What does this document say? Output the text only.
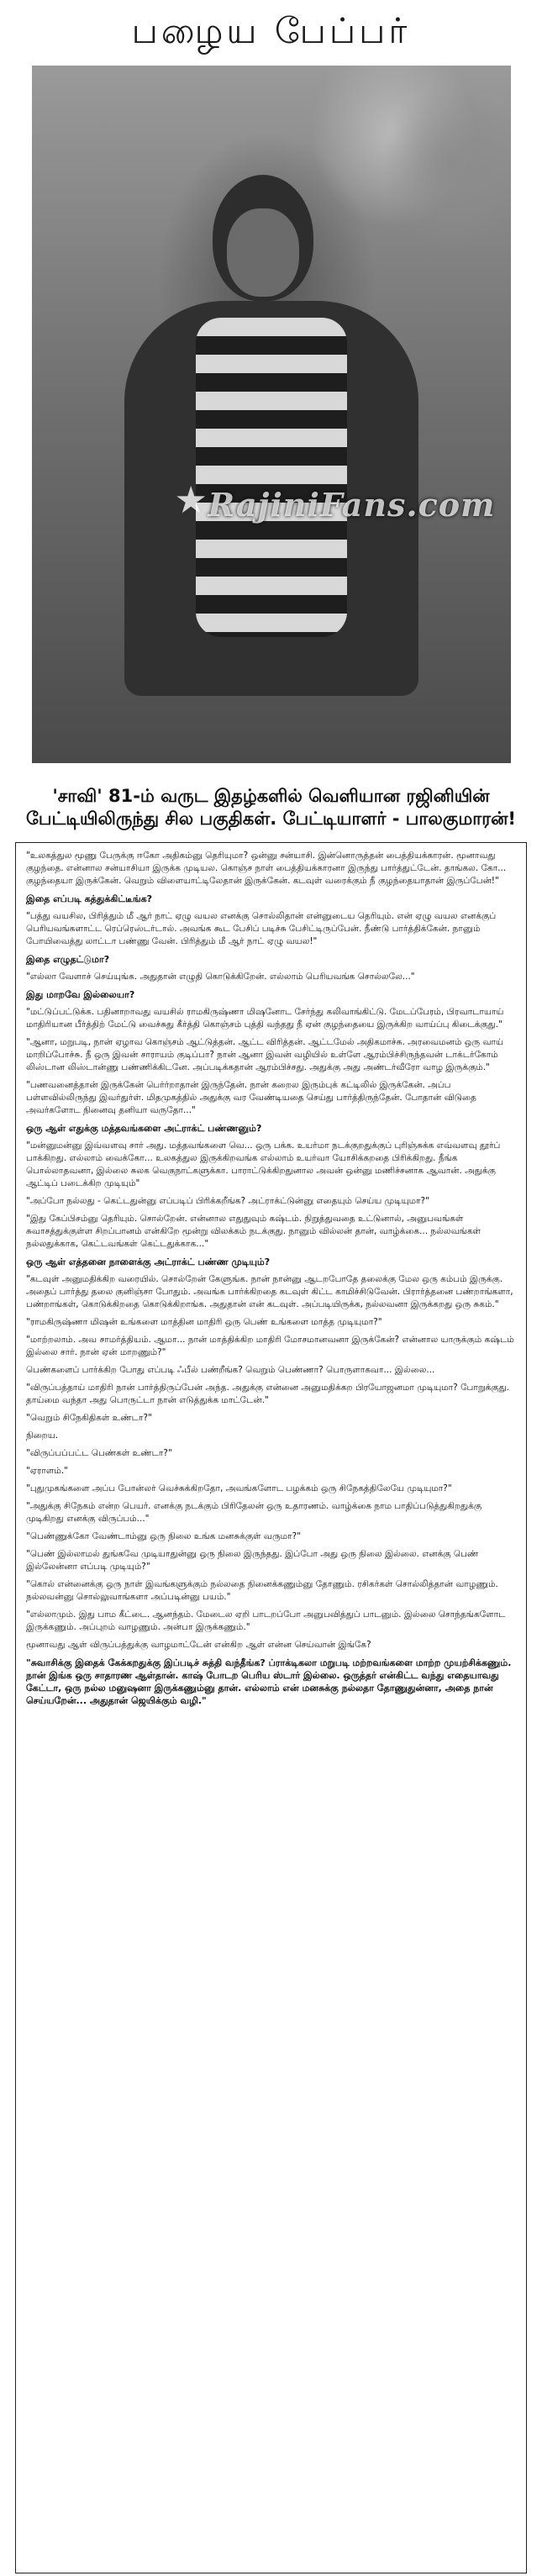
பழைய பேப்பர்
★ RajiniFans.com
'சாவி' 81-ம் வருட இதழ்களில் வெளியான ரஜினியின் பேட்டியிலிருந்து சில பகுதிகள். பேட்டியாளர் - பாலகுமாரன்!

"உலகத்துல மூணு பேருக்கு ஈகோ அதிகம்னு தெரியுமா? ஒன்னு சன்யாசி. இன்னொருத்தன் பைத்தியக்காரன். மூனாவது குழந்தை. என்னால சன்யாசியா இருக்க முடியல. கொஞ்ச நாள் பைத்தியக்காரனா இருந்து பார்த்துட்டேன். தாங்கல. கோ... குழந்தையா இருக்கேன். வெறும் விளையாட்டிலேதான் இருக்கேன். கடவுள் வரைக்கும் நீ குழந்தையாதான் இருப்பேன்!"

இதை எப்படி கத்துக்கிட்டீங்க?

"பத்து வயசில, பிரித்தும் மீ ஆர் நாட் ஏழு வயல எனக்கு சொல்லிதான் என்னுடைய தெரியும். என் ஏழு வயல எனக்குப் பெரியவங்களாட்ட ரெப்ரெஸ்டர்டால். அவங்க கூட பேசிப் படிச்சு பேசிட்டிருப்பேன். நீண்டு பார்த்திக்கேன். நானும் போயிவைத்து லாட்டா பண்ணு வேன். பிரித்தும் மீ ஆர் நாட் ஏழு வயல!"

இதை எழுதட்டுமா?

"எல்லா வேளாச் செய்யுங்க. அதுதான் எழுதி கொடுக்கிறேன். எல்லாம் பெரியவங்க சொல்லலே..."

இது மாறவே இல்லையா?

"மட்டுப்பட்டுக்க. பதினாறாவது வயசில் ராமகிருஷ்ணா மிஷனோட சேர்ந்து கலிவாங்கிட்டு. மேடப்பேரம், பிரவாடாயாய் மாதிரியான பீர்த்திற் மேட்டு வைச்சுது கீர்த்தி கொஞ்சம் புத்தி வந்தது நீ ஏன் குழந்தையை இருக்கிற வாய்ப்பு கிடைக்குது."

"ஆனா, மறுபடி, நான் ஏழாவ கொஞ்சம் ஆட்டுத்தன். ஆட்ட விரித்தன். ஆட்டமேல் அதிகமாச்சு. அரவைமனம் ஒரு வாய் மாறிப்போச்சு. நீ ஒரு இவன் சாராயம் குடிப்பா? நான் ஆனா இவன் வழியில் உள்ளே ஆரம்பிச்சிருந்தவன் டாக்டர்கோம் லிஸ்டான லிஸ்டான்ணு பண்ணிக்கிடனே. அப்படிக்கதான் ஆரம்பிச்சது. அதுக்கு அது அண்டர்வீரோ வாழ இருக்கும்."

"பணவனைத்தான் இருக்கேன் பெர்ர்றாதான் இருந்தேன். நான் கறைல இரும்புக் கட்டிலில் இருக்கேன். அப்ப பள்ளவில்லிருந்து இவர்துர்ள். மிதமுகத்தில் அதுக்கு வர வேண்டியதை செய்து பார்த்திருந்தேன். போதான் விடுதை அவர்களோட நினைவு தனியா வருதோ..."

ஒரு ஆள் எதுக்கு மத்தவங்களை அட்ராக்ட் பண்ணனும்?

"மன்னுமன்னு இவ்வளவு சார் அது. மத்தவங்களை வெ... ஒரு பக்க. உயர்மா நடக்குறதுக்குப் புரிஞ்சுக்க எவ்வளவு தூர்ப் பாக்கிறது. எல்லாம் வைக்கோ... உலகத்துல இருக்கிறவங்க எல்லாம் உயர்வா யோசிக்கறதை பிரிக்கிறது. நீங்க பொல்லாதவனா, இல்லை சுலக வெகுநாட்களுக்கா. பாராட்டுக்கிறதுனால அவன் ஒன்னு மணிச்சனாக ஆவான். அதுக்கு ஆட்டிப் படைக்கிற முடியும்"

"அப்போ நல்லது - கெட்டதுன்னு எப்படிப் பிரிக்கறீங்க? அட்ராக்ட்டுன்னு எதையும் செய்ய முடியுமா?"

"இது கேப்பிசம்னு தெரியும். சொல்றேன். என்னால எதுதுவும் கஷ்டம். நிறுத்துவதை உட்டுனால், அனுபவங்கள் சுவாசத்துக்குள்ள சிறப்பானம் என்கிறே மூன்று விலக்கம் நடக்குது. நானும் வில்லன் தான், வாழ்க்கை... நல்லவங்கள் நல்லதுக்காக, கெட்டவங்கள் கெட்டதுக்காக..."

ஒரு ஆள் எத்தனை நாளைக்கு அட்ராக்ட் பண்ண முடியும்?

"கடவுள் அனுமதிக்கிற வரையில். சொல்றேன் கேளுங்க. நான் நான்னு ஆடறபோதே தலைக்கு மேல ஒரு கம்பம் இருக்கு. அதைப் பார்த்து தலை குனிஞ்சா போதும். அவங்க பார்க்கிறதை கடவுள் கிட்ட காமிச்சிடுவேன். பிரார்த்தனை பண்றாங்களா, பண்றாங்கள், கொடுக்கிறதை கொடுக்கிறாங்க. அதுதான் என் கடவுள். அப்படியிருக்க, நல்லவனா இருக்கறது ஒரு சுகம்."

"ராமகிருஷ்ணா மிஷன் உங்களை மாத்தின மாதிரி ஒரு பெண் உங்களை மாத்த முடியுமா?"

"மாற்றலாம். அவ சாமர்த்தியம். ஆமா... நான் மாத்திக்கிற மாதிரி மோசமானவனா இருக்கேன்? என்னால யாருக்கும் கஷ்டம் இல்லை சார். நான் ஏன் மாறணும்?"

பெண்களைப் பார்க்கிற போது எப்படி ஃபீல் பண்றீங்க? வெறும் பெண்ணா? பொருளாகவா... இல்லை...

"விருப்பத்தாய் மாதிரி நான் பார்த்திருப்பேன் அந்த. அதுக்கு என்னை அனுமதிக்கற பிரயோஜனமா முடியுமா? போறுக்குது. தாய்மை வந்தா அது பொருட்டா நான் எடுத்துக்க மாட்டேன்."

"வெறும் சிநேகிதிகள் உண்டா?"

நிறைய.

"விருப்பப்பட்ட பெண்கள் உண்டா?"

"ஏராளம்."

"புதுமுகங்களை அப்ப போன்லர் வெச்சுக்கிறதோ, அவங்களோட பழக்கம் ஒரு சிநேகத்திலேயே முடியுமா?"

"அதுக்கு சிநேகம் என்ற பெயர். எனக்கு நடக்கும் பிரிதேலன் ஒரு உதாரணம். வாழ்க்கை நாம பாதிப்படுத்துகிறதுக்கு முடிகிறது எனக்கு விருப்பம்..."

"பெண்ணுக்கோ வேண்டாம்னு ஒரு நிலை உங்க மனசுக்குள் வருமா?"

"பெண் இல்லாமல் துங்கவே முடியாதுன்னு ஒரு நிலை இருந்தது. இப்போ அது ஒரு நிலை இல்லை. எனக்கு பெண் இல்லேன்னா எப்படி முடியும்?"

"கொல் என்னைக்கு ஒரு நாள் இவங்களுக்கும் நல்லதை நினைக்கணும்னு தோணும். ரசிகர்கள் சொல்லித்தான் வாழணும். நல்லவன்னு சொல்லுவாங்களா அப்படின்னு பயம்."

"எல்லாமும். இது பாம கீட்டை. ஆனந்தம். மேடைல ஏறி பாடறப்போ அனுபவித்துப் பாடனும். இல்லை சொந்தங்களோட இருக்கணும். அப்புறம் வாழணும். அன்பா இருக்கணும்."

மூனாவது ஆள் விருப்பத்துக்கு வாழமாட்டேன் என்கிற ஆள் என்ன செய்வான் இங்கே?

"சுவாசிக்கு இதைக் கேக்கறதுக்கு இப்படிச் சுத்தி வந்தீங்க? ப்ராக்டிகலா மறுபடி மற்றவங்களை மாற்ற முயற்சிக்கணும். நான் இங்க ஒரு சாதாரண ஆள்தான். காஷ் போடற பெரிய ஸ்டார் இல்லை. ஒருத்தர் என்கிட்ட வந்து எதையாவது கேட்டா, ஒரு நல்ல மனுஷனா இருக்கணும்னு தான். எல்லாம் என் மனசுக்கு நல்லதா தோணுதுன்னா, அதை நான் செய்யறேன்... அதுதான் ஜெயிக்கும் வழி."
